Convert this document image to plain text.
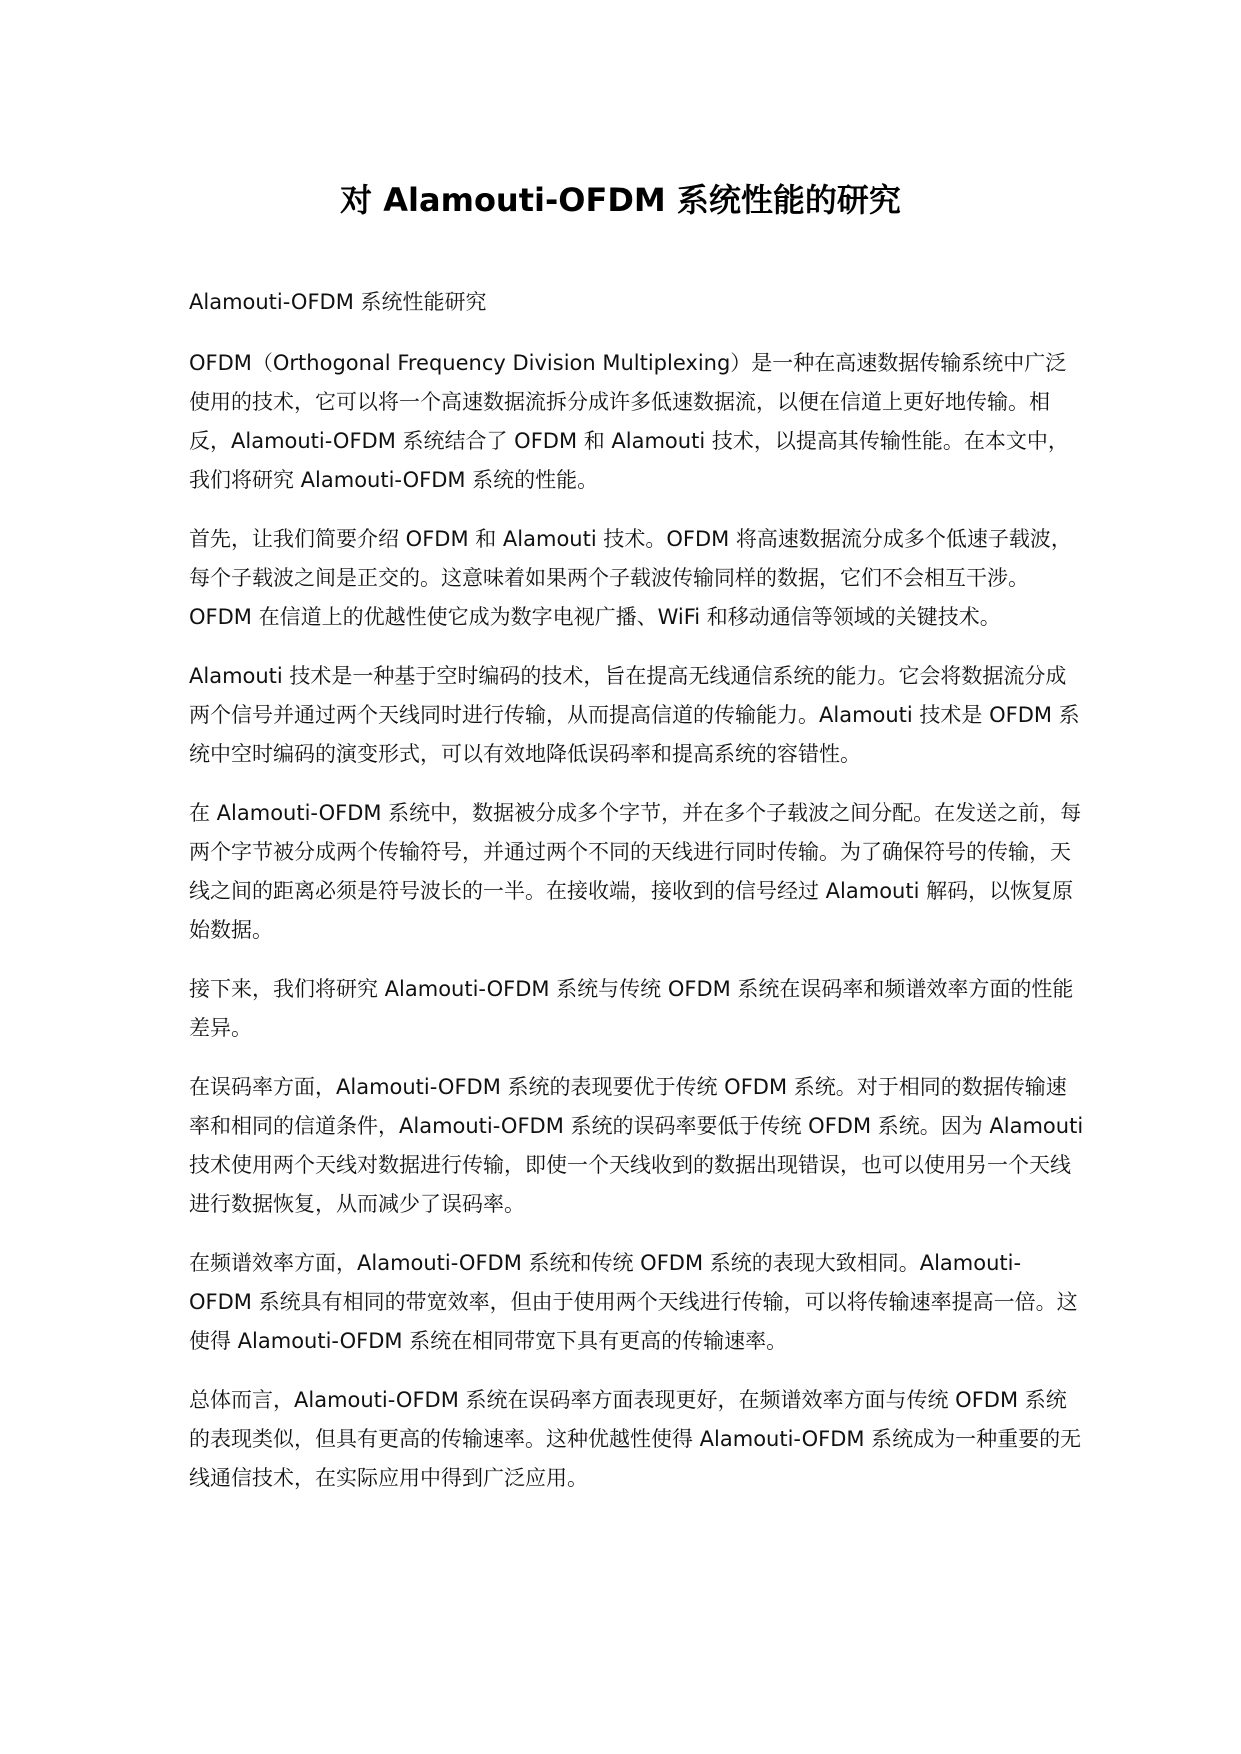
对 Alamouti-OFDM 系统性能的研究

Alamouti-OFDM 系统性能研究

OFDM（Orthogonal Frequency Division Multiplexing）是一种在高速数据传输系统中广泛使用的技术，它可以将一个高速数据流拆分成许多低速数据流，以便在信道上更好地传输。相反，Alamouti-OFDM 系统结合了 OFDM 和 Alamouti 技术，以提高其传输性能。在本文中，我们将研究 Alamouti-OFDM 系统的性能。

首先，让我们简要介绍 OFDM 和 Alamouti 技术。OFDM 将高速数据流分成多个低速子载波，每个子载波之间是正交的。这意味着如果两个子载波传输同样的数据，它们不会相互干涉。OFDM 在信道上的优越性使它成为数字电视广播、WiFi 和移动通信等领域的关键技术。

Alamouti 技术是一种基于空时编码的技术，旨在提高无线通信系统的能力。它会将数据流分成两个信号并通过两个天线同时进行传输，从而提高信道的传输能力。Alamouti 技术是 OFDM 系统中空时编码的演变形式，可以有效地降低误码率和提高系统的容错性。

在 Alamouti-OFDM 系统中，数据被分成多个字节，并在多个子载波之间分配。在发送之前，每两个字节被分成两个传输符号，并通过两个不同的天线进行同时传输。为了确保符号的传输，天线之间的距离必须是符号波长的一半。在接收端，接收到的信号经过 Alamouti 解码，以恢复原始数据。

接下来，我们将研究 Alamouti-OFDM 系统与传统 OFDM 系统在误码率和频谱效率方面的性能差异。

在误码率方面，Alamouti-OFDM 系统的表现要优于传统 OFDM 系统。对于相同的数据传输速率和相同的信道条件，Alamouti-OFDM 系统的误码率要低于传统 OFDM 系统。因为 Alamouti 技术使用两个天线对数据进行传输，即使一个天线收到的数据出现错误，也可以使用另一个天线进行数据恢复，从而减少了误码率。

在频谱效率方面，Alamouti-OFDM 系统和传统 OFDM 系统的表现大致相同。Alamouti-OFDM 系统具有相同的带宽效率，但由于使用两个天线进行传输，可以将传输速率提高一倍。这使得 Alamouti-OFDM 系统在相同带宽下具有更高的传输速率。

总体而言，Alamouti-OFDM 系统在误码率方面表现更好，在频谱效率方面与传统 OFDM 系统的表现类似，但具有更高的传输速率。这种优越性使得 Alamouti-OFDM 系统成为一种重要的无线通信技术，在实际应用中得到广泛应用。
